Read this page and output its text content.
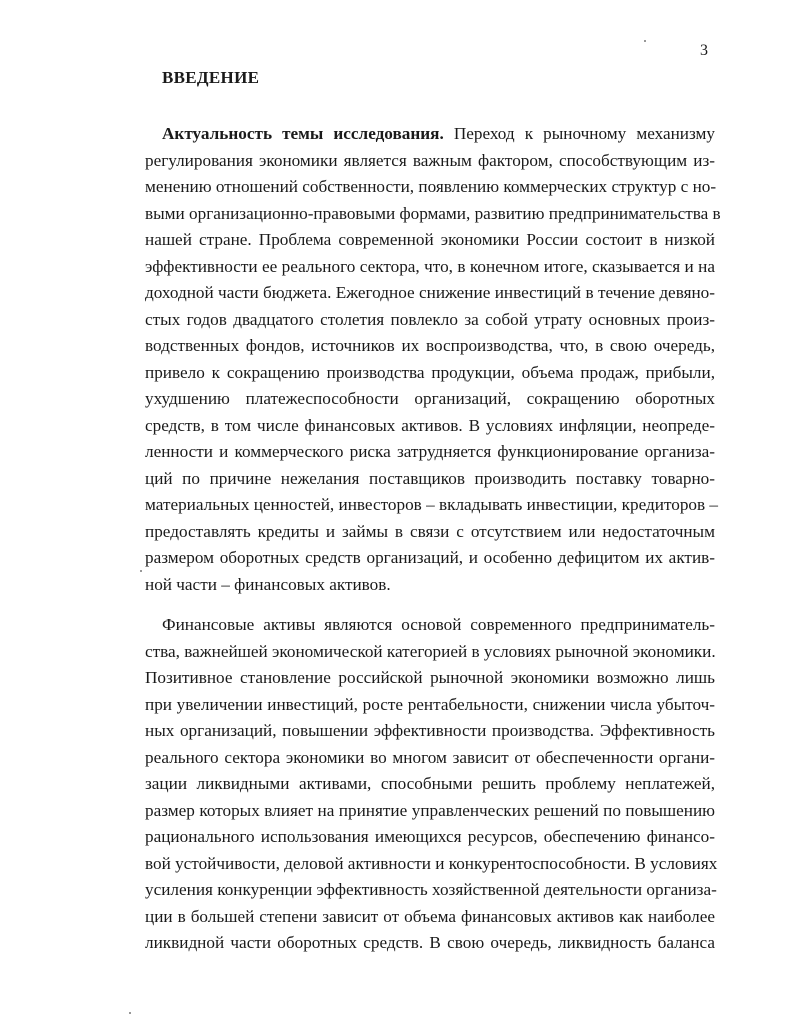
3
ВВЕДЕНИЕ
Актуальность темы исследования. Переход к рыночному механизму
регулирования экономики является важным фактором, способствующим из-
менению отношений собственности, появлению коммерческих структур с но-
выми организационно-правовыми формами, развитию предпринимательства в
нашей стране. Проблема современной экономики России состоит в низкой
эффективности ее реального сектора, что, в конечном итоге, сказывается и на
доходной части бюджета. Ежегодное снижение инвестиций в течение девяно-
стых годов двадцатого столетия повлекло за собой утрату основных произ-
водственных фондов, источников их воспроизводства, что, в свою очередь,
привело к сокращению производства продукции, объема продаж, прибыли,
ухудшению платежеспособности организаций, сокращению оборотных
средств, в том числе финансовых активов. В условиях инфляции, неопреде-
ленности и коммерческого риска затрудняется функционирование организа-
ций по причине нежелания поставщиков производить поставку товарно-
материальных ценностей, инвесторов – вкладывать инвестиции, кредиторов –
предоставлять кредиты и займы в связи с отсутствием или недостаточным
размером оборотных средств организаций, и особенно дефицитом их актив-
ной части – финансовых активов.
Финансовые активы являются основой современного предприниматель-
ства, важнейшей экономической категорией в условиях рыночной экономики.
Позитивное становление российской рыночной экономики возможно лишь
при увеличении инвестиций, росте рентабельности, снижении числа убыточ-
ных организаций, повышении эффективности производства. Эффективность
реального сектора экономики во многом зависит от обеспеченности органи-
зации ликвидными активами, способными решить проблему неплатежей,
размер которых влияет на принятие управленческих решений по повышению
рационального использования имеющихся ресурсов, обеспечению финансо-
вой устойчивости, деловой активности и конкурентоспособности. В условиях
усиления конкуренции эффективность хозяйственной деятельности организа-
ции в большей степени зависит от объема финансовых активов как наиболее
ликвидной части оборотных средств. В свою очередь, ликвидность баланса
